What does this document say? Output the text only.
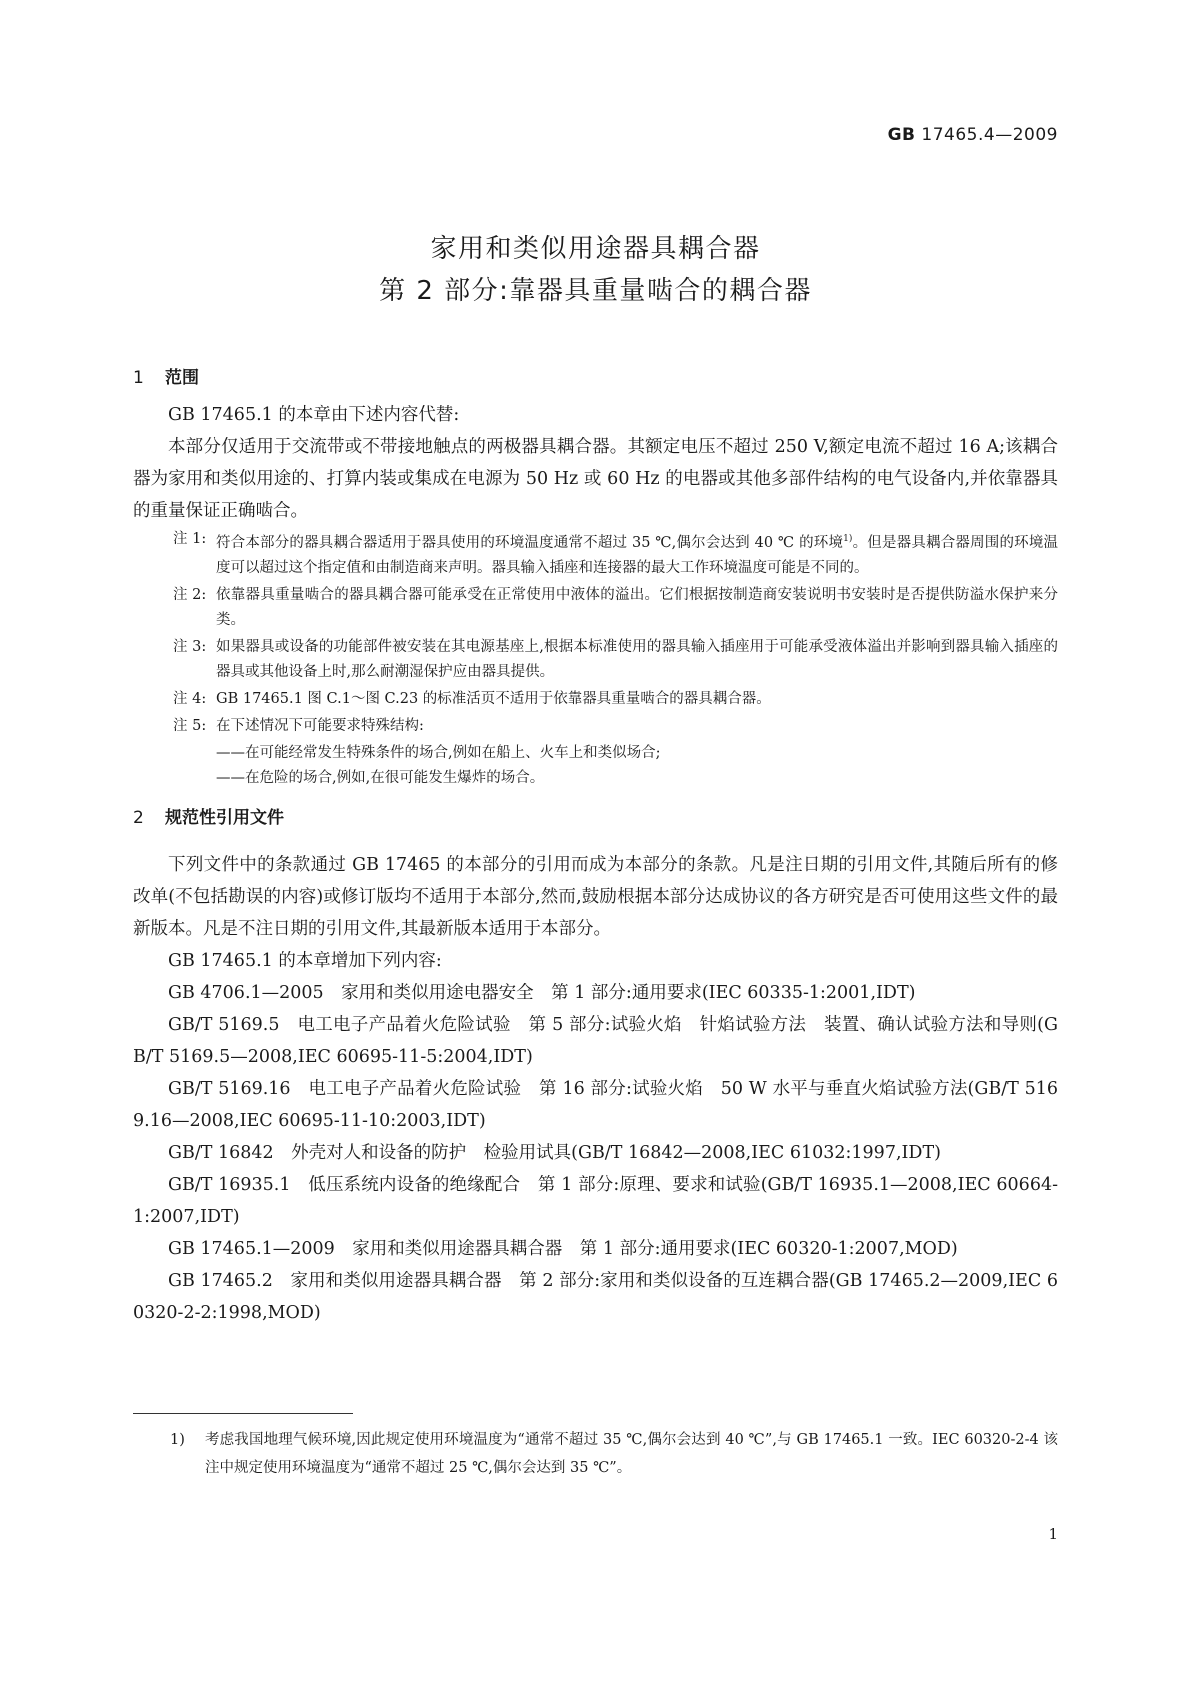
GB 17465.4—2009
家用和类似用途器具耦合器
第 2 部分:靠器具重量啮合的耦合器
1 范围

GB 17465.1 的本章由下述内容代替:

本部分仅适用于交流带或不带接地触点的两极器具耦合器。其额定电压不超过 250 V,额定电流不超过 16 A;该耦合器为家用和类似用途的、打算内装或集成在电源为 50 Hz 或 60 Hz 的电器或其他多部件结构的电气设备内,并依靠器具的重量保证正确啮合。

注 1: 符合本部分的器具耦合器适用于器具使用的环境温度通常不超过 35 ℃,偶尔会达到 40 ℃ 的环境$^{1)}$。但是器具耦合器周围的环境温度可以超过这个指定值和由制造商来声明。器具输入插座和连接器的最大工作环境温度可能是不同的。
注 2: 依靠器具重量啮合的器具耦合器可能承受在正常使用中液体的溢出。它们根据按制造商安装说明书安装时是否提供防溢水保护来分类。
注 3: 如果器具或设备的功能部件被安装在其电源基座上,根据本标准使用的器具输入插座用于可能承受液体溢出并影响到器具输入插座的器具或其他设备上时,那么耐潮湿保护应由器具提供。
注 4: GB 17465.1 图 C.1～图 C.23 的标准活页不适用于依靠器具重量啮合的器具耦合器。
注 5: 在下述情况下可能要求特殊结构:
——在可能经常发生特殊条件的场合,例如在船上、火车上和类似场合;
——在危险的场合,例如,在很可能发生爆炸的场合。
2 规范性引用文件

下列文件中的条款通过 GB 17465 的本部分的引用而成为本部分的条款。凡是注日期的引用文件,其随后所有的修改单(不包括勘误的内容)或修订版均不适用于本部分,然而,鼓励根据本部分达成协议的各方研究是否可使用这些文件的最新版本。凡是不注日期的引用文件,其最新版本适用于本部分。

GB 17465.1 的本章增加下列内容:

GB 4706.1—2005　家用和类似用途电器安全　第 1 部分:通用要求(IEC 60335-1:2001,IDT)

GB/T 5169.5　电工电子产品着火危险试验　第 5 部分:试验火焰　针焰试验方法　装置、确认试验方法和导则(GB/T 5169.5—2008,IEC 60695-11-5:2004,IDT)

GB/T 5169.16　电工电子产品着火危险试验　第 16 部分:试验火焰　50 W 水平与垂直火焰试验方法(GB/T 5169.16—2008,IEC 60695-11-10:2003,IDT)

GB/T 16842　外壳对人和设备的防护　检验用试具(GB/T 16842—2008,IEC 61032:1997,IDT)

GB/T 16935.1　低压系统内设备的绝缘配合　第 1 部分:原理、要求和试验(GB/T 16935.1—2008,IEC 60664-1:2007,IDT)

GB 17465.1—2009　家用和类似用途器具耦合器　第 1 部分:通用要求(IEC 60320-1:2007,MOD)

GB 17465.2　家用和类似用途器具耦合器　第 2 部分:家用和类似设备的互连耦合器(GB 17465.2—2009,IEC 60320-2-2:1998,MOD)

1)	考虑我国地理气候环境,因此规定使用环境温度为“通常不超过 35 ℃,偶尔会达到 40 ℃”,与 GB 17465.1 一致。IEC 60320-2-4 该注中规定使用环境温度为“通常不超过 25 ℃,偶尔会达到 35 ℃”。
1
